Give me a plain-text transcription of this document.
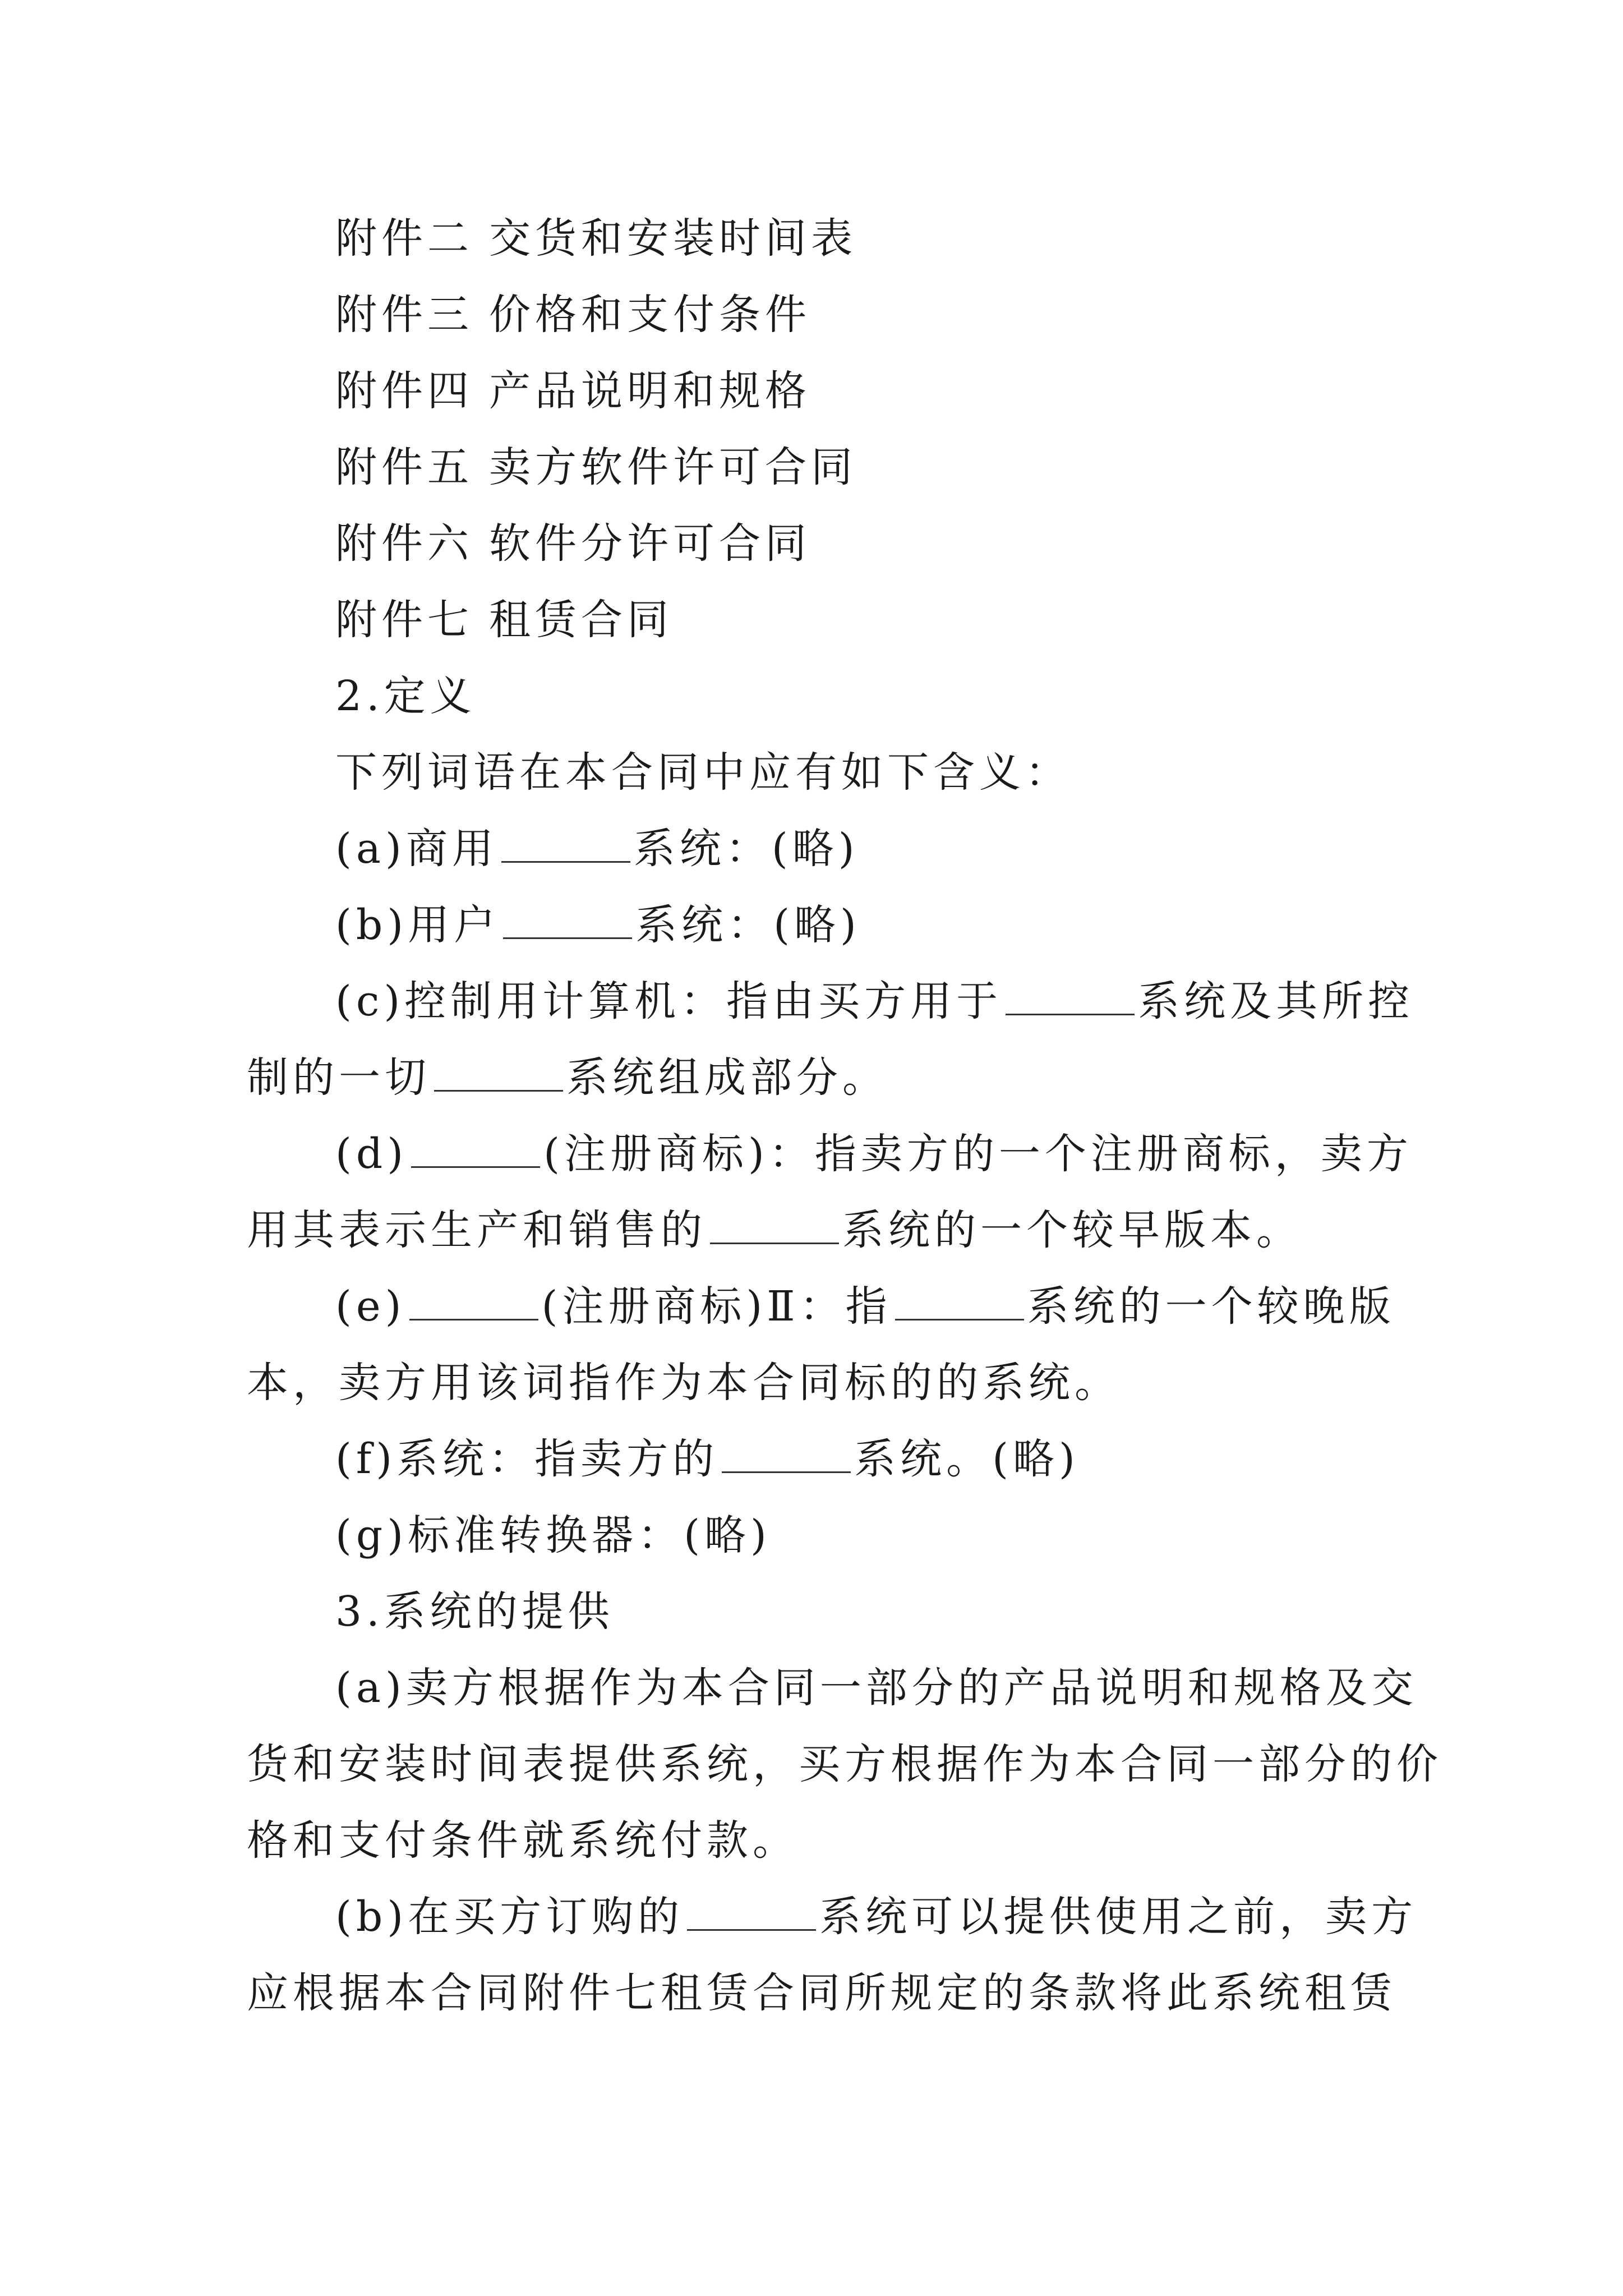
附件二 交货和安装时间表
附件三 价格和支付条件
附件四 产品说明和规格
附件五 卖方软件许可合同
附件六 软件分许可合同
附件七 租赁合同
2.定义
下列词语在本合同中应有如下含义：
(a)商用	系统：(略)
(b)用户	系统：(略)
(c)控制用计算机：指由买方用于	系统及其所控
制的一切	系统组成部分。
(d)	(注册商标)：指卖方的一个注册商标，卖方
用其表示生产和销售的	系统的一个较早版本。
(e)	(注册商标)Ⅱ：指	系统的一个较晚版
本，卖方用该词指作为本合同标的的系统。
(f)系统：指卖方的	系统。(略)
(g)标准转换器：(略)
3.系统的提供
(a)卖方根据作为本合同一部分的产品说明和规格及交
货和安装时间表提供系统，买方根据作为本合同一部分的价
格和支付条件就系统付款。
(b)在买方订购的	系统可以提供使用之前，卖方
应根据本合同附件七租赁合同所规定的条款将此系统租赁
